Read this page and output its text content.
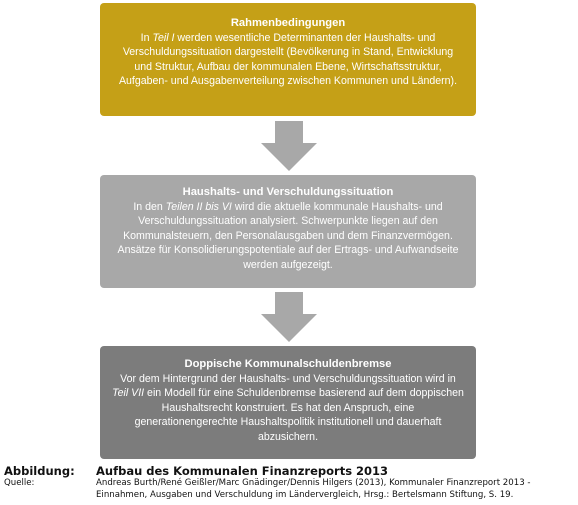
Rahmenbedingungen
In Teil I werden wesentliche Determinanten der Haushalts- und Verschuldungssituation dargestellt (Bevölkerung in Stand, Entwicklung und Struktur, Aufbau der kommunalen Ebene, Wirtschaftsstruktur, Aufgaben- und Ausgabenverteilung zwischen Kommunen und Ländern).
Haushalts- und Verschuldungssituation
In den Teilen II bis VI wird die aktuelle kommunale Haushalts- und Verschuldungssituation analysiert. Schwerpunkte liegen auf den Kommunalsteuern, den Personalausgaben und dem Finanzvermögen. Ansätze für Konsolidierungspotentiale auf der Ertrags- und Aufwandseite werden aufgezeigt.
Doppische Kommunalschuldenbremse
Vor dem Hintergrund der Haushalts- und Verschuldungssituation wird in Teil VII ein Modell für eine Schuldenbremse basierend auf dem doppischen Haushaltsrecht konstruiert. Es hat den Anspruch, eine generationengerechte Haushaltspolitik institutionell und dauerhaft abzusichern.
Abbildung: Aufbau des Kommunalen Finanzreports 2013
Quelle:	Andreas Burth/René Geißler/Marc Gnädinger/Dennis Hilgers (2013), Kommunaler Finanzreport 2013 - Einnahmen, Ausgaben und Verschuldung im Ländervergleich, Hrsg.: Bertelsmann Stiftung, S. 19.
